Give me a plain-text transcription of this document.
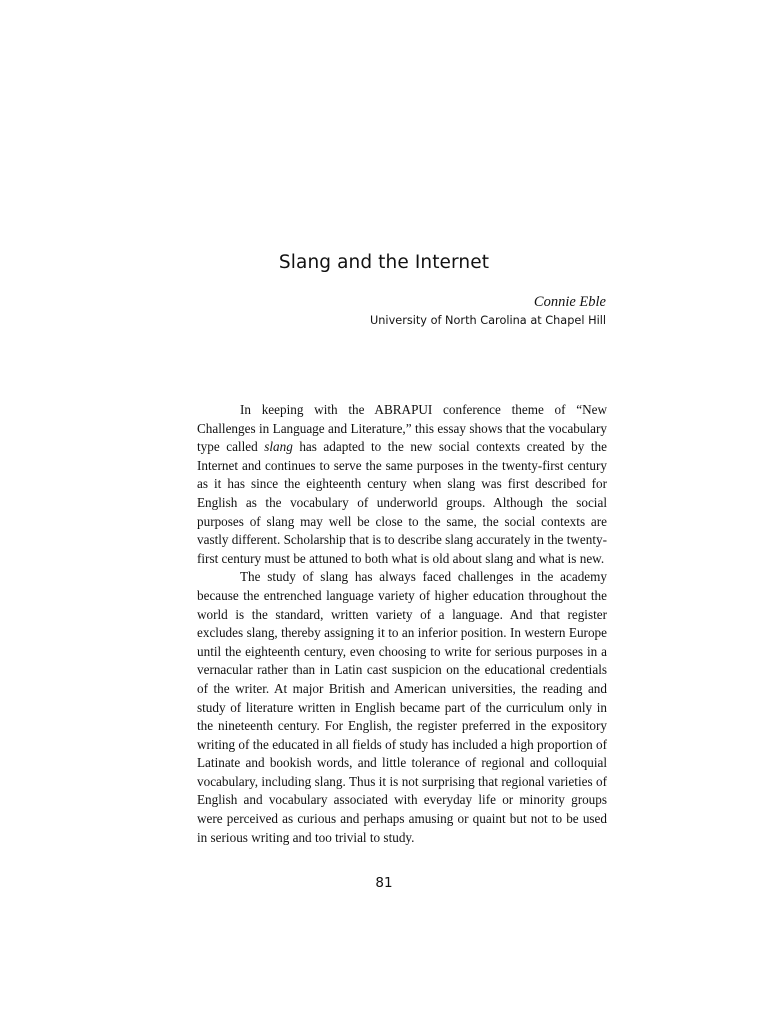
Slang and the Internet
Connie Eble
University of North Carolina at Chapel Hill

In keeping with the ABRAPUI conference theme of “New Challenges in Language and Literature,” this essay shows that the vocabulary type called slang has adapted to the new social contexts created by the Internet and continues to serve the same purposes in the twenty-first century as it has since the eighteenth century when slang was first described for English as the vocabulary of underworld groups. Although the social purposes of slang may well be close to the same, the social contexts are vastly different. Scholarship that is to describe slang accurately in the twenty-first century must be attuned to both what is old about slang and what is new.

The study of slang has always faced challenges in the academy because the entrenched language variety of higher education throughout the world is the standard, written variety of a language. And that register excludes slang, thereby assigning it to an inferior position. In western Europe until the eighteenth century, even choosing to write for serious purposes in a vernacular rather than in Latin cast suspicion on the educational credentials of the writer. At major British and American universities, the reading and study of literature written in English became part of the curriculum only in the nineteenth century. For English, the register preferred in the expository writing of the educated in all fields of study has included a high proportion of Latinate and bookish words, and little tolerance of regional and colloquial vocabulary, including slang. Thus it is not surprising that regional varieties of English and vocabulary associated with everyday life or minority groups were perceived as curious and perhaps amusing or quaint but not to be used in serious writing and too trivial to study.

81
